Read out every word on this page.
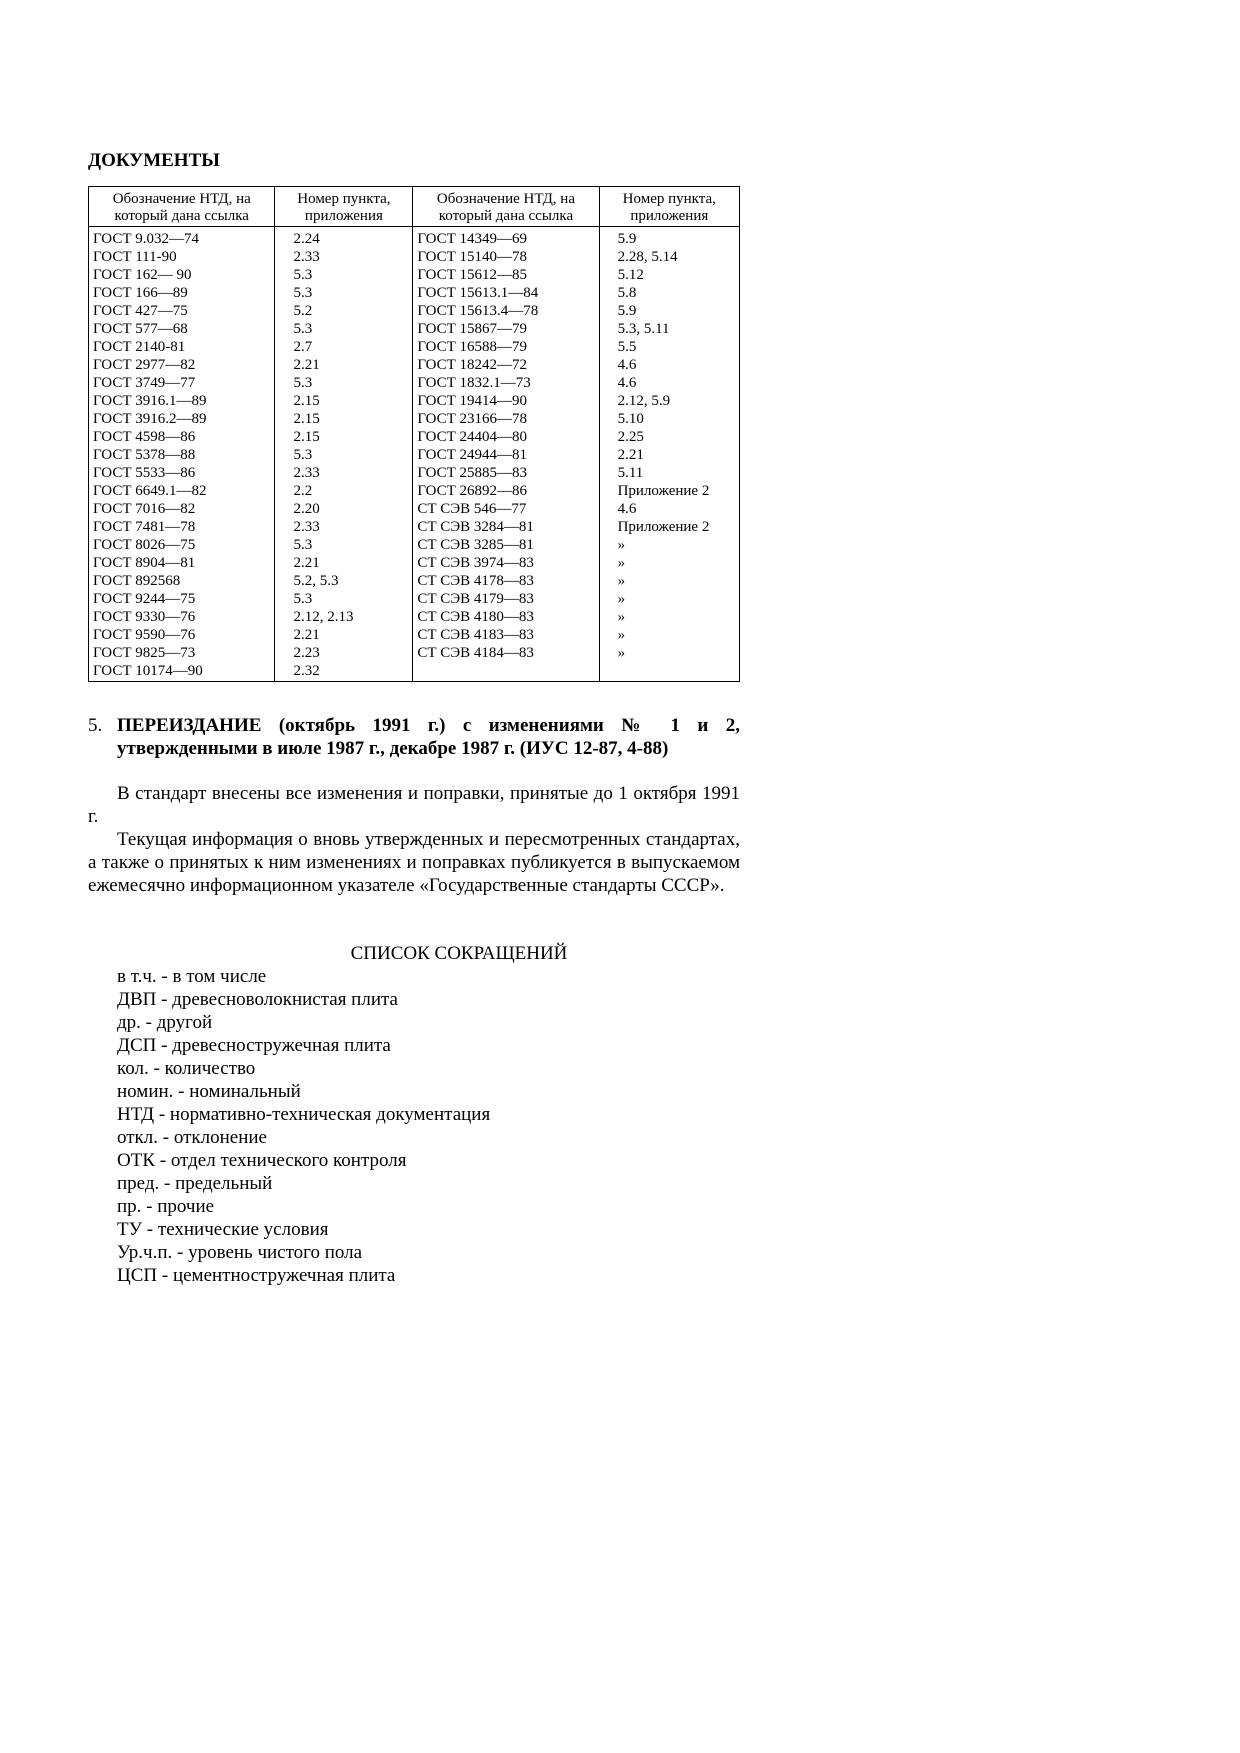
ДОКУМЕНТЫ
Обозначение НТД, на который дана ссылка	Номер пункта, приложения	Обозначение НТД, на который дана ссылка	Номер пункта, приложения
ГОСТ 9.032—74	2.24	ГОСТ 14349—69	5.9
ГОСТ 111-90	2.33	ГОСТ 15140—78	2.28, 5.14
ГОСТ 162— 90	5.3	ГОСТ 15612—85	5.12
ГОСТ 166—89	5.3	ГОСТ 15613.1—84	5.8
ГОСТ 427—75	5.2	ГОСТ 15613.4—78	5.9
ГОСТ 577—68	5.3	ГОСТ 15867—79	5.3, 5.11
ГОСТ 2140-81	2.7	ГОСТ 16588—79	5.5
ГОСТ 2977—82	2.21	ГОСТ 18242—72	4.6
ГОСТ 3749—77	5.3	ГОСТ 1832.1—73	4.6
ГОСТ 3916.1—89	2.15	ГОСТ 19414—90	2.12, 5.9
ГОСТ 3916.2—89	2.15	ГОСТ 23166—78	5.10
ГОСТ 4598—86	2.15	ГОСТ 24404—80	2.25
ГОСТ 5378—88	5.3	ГОСТ 24944—81	2.21
ГОСТ 5533—86	2.33	ГОСТ 25885—83	5.11
ГОСТ 6649.1—82	2.2	ГОСТ 26892—86	Приложение 2
ГОСТ 7016—82	2.20	СТ СЭВ 546—77	4.6
ГОСТ 7481—78	2.33	СТ СЭВ 3284—81	Приложение 2
ГОСТ 8026—75	5.3	СТ СЭВ 3285—81	»
ГОСТ 8904—81	2.21	СТ СЭВ 3974—83	»
ГОСТ 892568	5.2, 5.3	СТ СЭВ 4178—83	»
ГОСТ 9244—75	5.3	СТ СЭВ 4179—83	»
ГОСТ 9330—76	2.12, 2.13	СТ СЭВ 4180—83	»
ГОСТ 9590—76	2.21	СТ СЭВ 4183—83	»
ГОСТ 9825—73	2.23	СТ СЭВ 4184—83	»
ГОСТ 10174—90	2.32		

5. ПЕРЕИЗДАНИЕ (октябрь 1991 г.) с изменениями № 1 и 2, утвержденными в июле 1987 г., декабре 1987 г. (ИУС 12-87, 4-88)

В стандарт внесены все изменения и поправки, принятые до 1 октября 1991 г.

Текущая информация о вновь утвержденных и пересмотренных стандартах, а также о принятых к ним изменениях и поправках публикуется в выпускаемом ежемесячно информационном указателе «Государственные стандарты СССР».

СПИСОК СОКРАЩЕНИЙ

в т.ч. - в том числе
ДВП - древесноволокнистая плита
др. - другой
ДСП - древесностружечная плита
кол. - количество
номин. - номинальный
НТД - нормативно-техническая документация
откл. - отклонение
ОТК - отдел технического контроля
пред. - предельный
пр. - прочие
ТУ - технические условия
Ур.ч.п. - уровень чистого пола
ЦСП - цементностружечная плита
